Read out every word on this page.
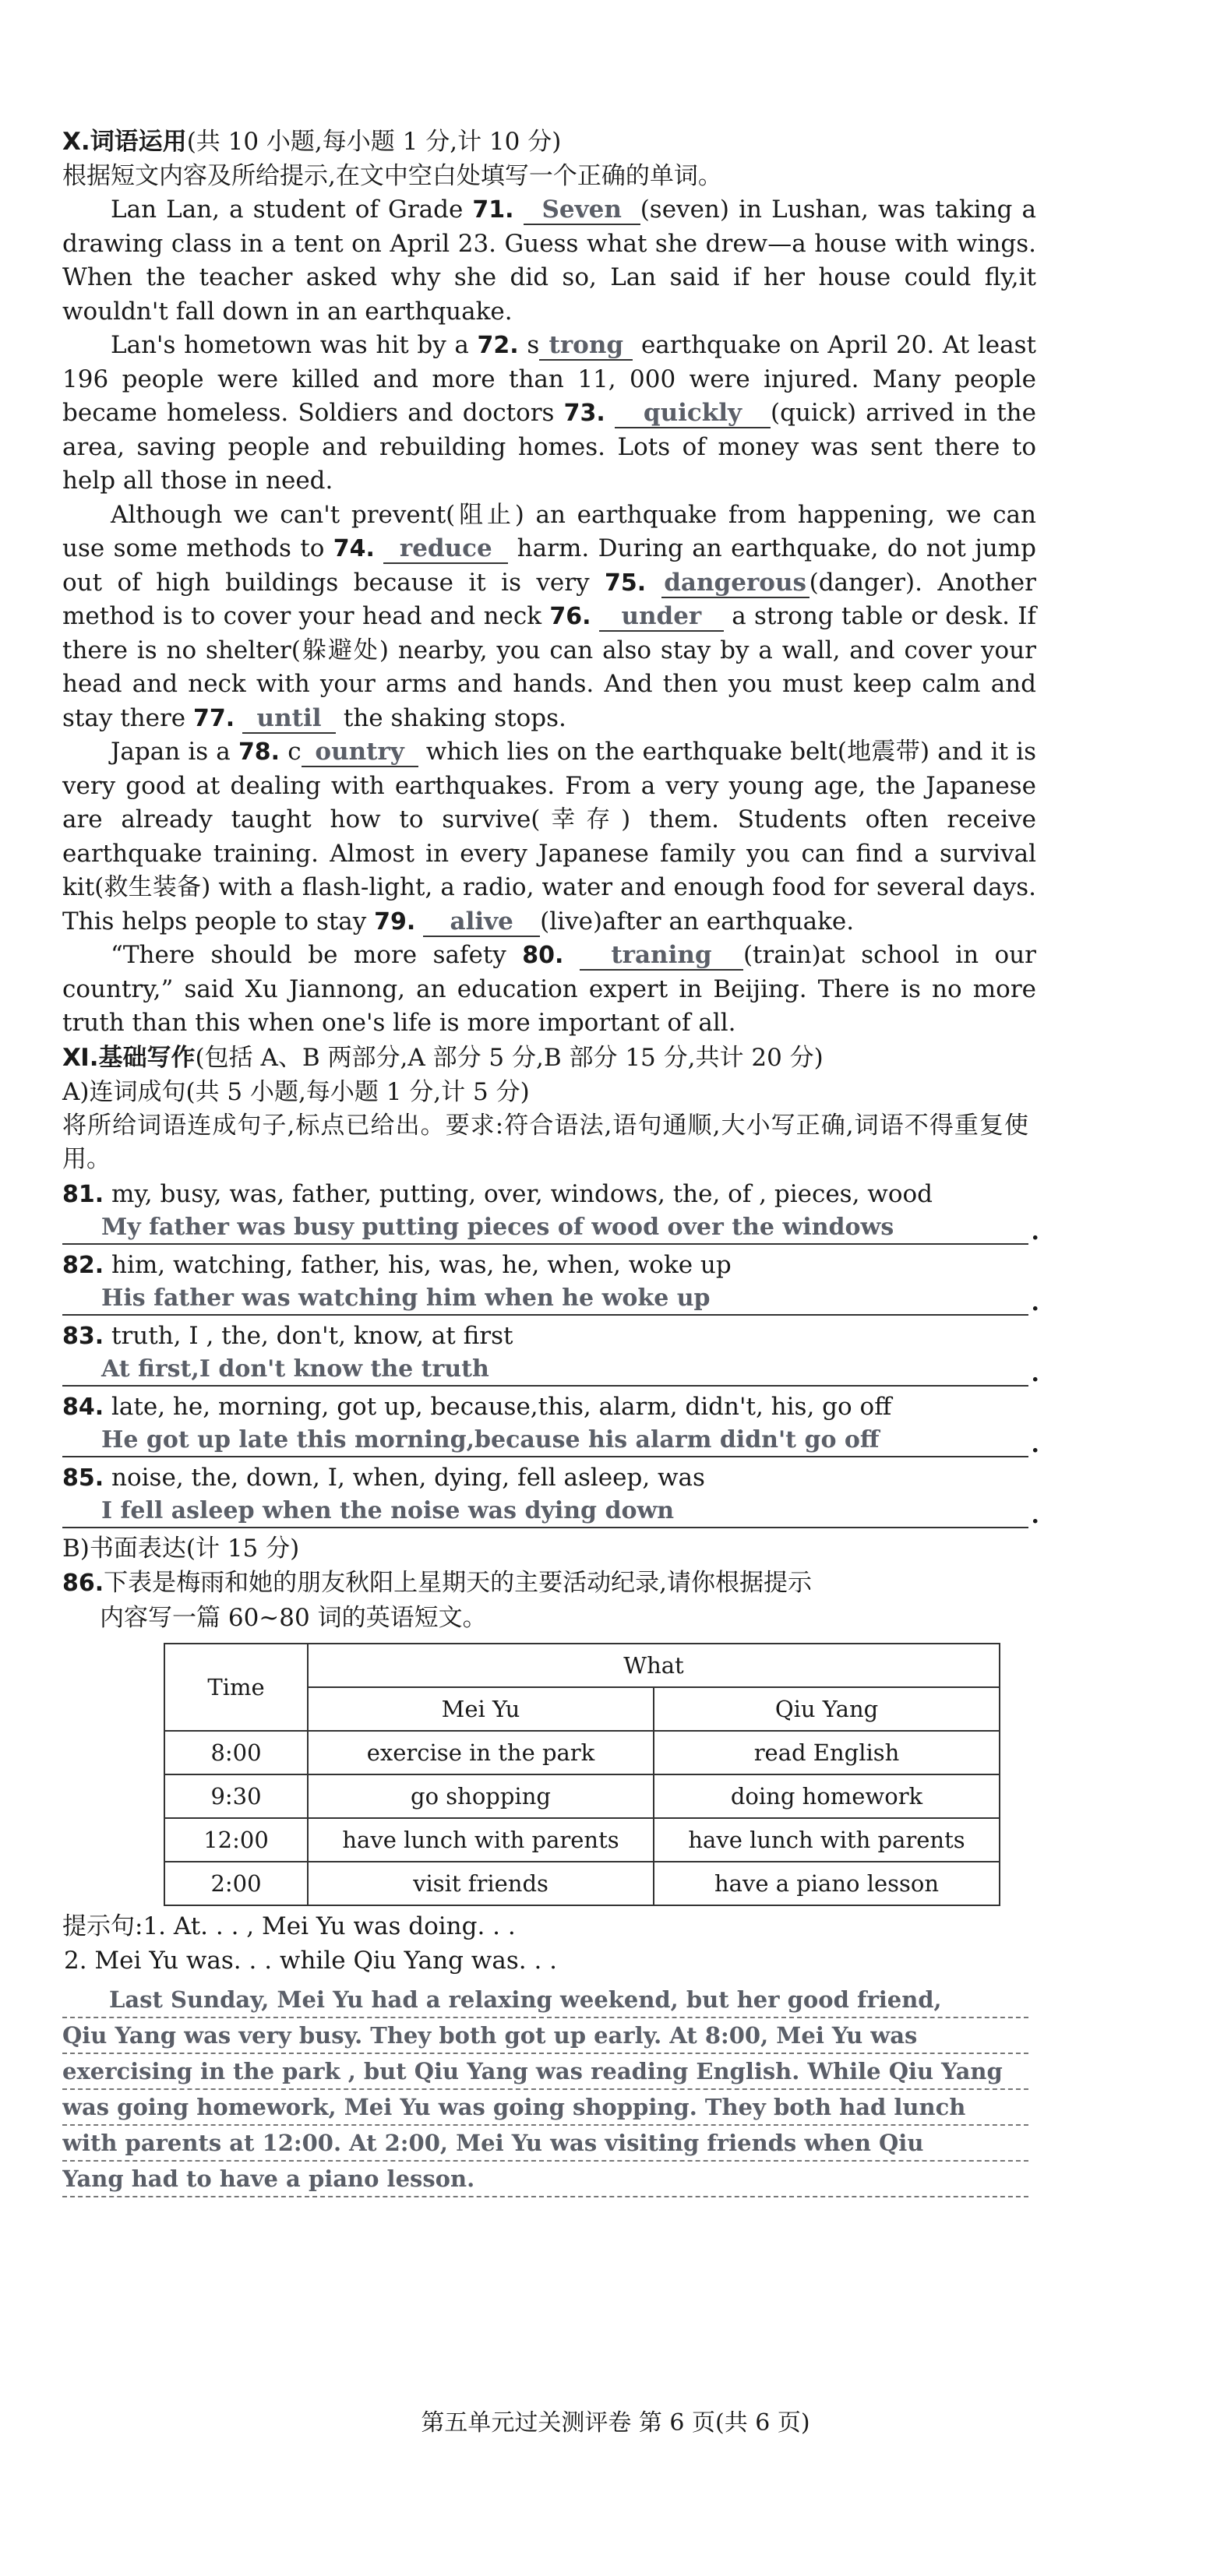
Ⅹ.词语运用(共 10 小题,每小题 1 分,计 10 分)

根据短文内容及所给提示,在文中空白处填写一个正确的单词。

Lan Lan, a student of Grade 71. Seven (seven) in Lushan, was taking a drawing class in a tent on April 23. Guess what she drew—a house with wings. When the teacher asked why she did so, Lan said if her house could fly,it wouldn't fall down in an earthquake.

Lan's hometown was hit by a 72. s trong earthquake on April 20. At least 196 people were killed and more than 11, 000 were injured. Many people became homeless. Soldiers and doctors 73. quickly (quick) arrived in the area, saving people and rebuilding homes. Lots of money was sent there to help all those in need.

Although we can't prevent(阻止) an earthquake from happening, we can use some methods to 74. reduce harm. During an earthquake, do not jump out of high buildings because it is very 75. dangerous (danger). Another method is to cover your head and neck 76. under a strong table or desk. If there is no shelter(躲避处) nearby, you can also stay by a wall, and cover your head and neck with your arms and hands. And then you must keep calm and stay there 77. until the shaking stops.

Japan is a 78. c ountry which lies on the earthquake belt(地震带) and it is very good at dealing with earthquakes. From a very young age, the Japanese are already taught how to survive(幸存) them. Students often receive earthquake training. Almost in every Japanese family you can find a survival kit(救生装备) with a flash-light, a radio, water and enough food for several days. This helps people to stay 79. alive (live)after an earthquake.

“There should be more safety 80. traning (train)at school in our country,” said Xu Jiannong, an education expert in Beijing. There is no more truth than this when one's life is more important of all.

Ⅺ.基础写作(包括 A、B 两部分,A 部分 5 分,B 部分 15 分,共计 20 分)

A)连词成句(共 5 小题,每小题 1 分,计 5 分)

将所给词语连成句子,标点已给出。要求:符合语法,语句通顺,大小写正确,词语不得重复使用。

81. my, busy, was, father, putting, over, windows, the, of , pieces, wood

My father was busy putting pieces of wood over the windows	.

82. him, watching, father, his, was, he, when, woke up

His father was watching him when he woke up	.

83. truth, I , the, don't, know, at first

At first,I don't know the truth	.

84. late, he, morning, got up, because,this, alarm, didn't, his, go off

He got up late this morning,because his alarm didn't go off	.

85. noise, the, down, I, when, dying, fell asleep, was

I fell asleep when the noise was dying down	.

B)书面表达(计 15 分)

86.下表是梅雨和她的朋友秋阳上星期天的主要活动纪录,请你根据提示

内容写一篇 60~80 词的英语短文。

Time	What	
	Mei Yu	Qiu Yang
8:00	exercise in the park	read English
9:30	go shopping	doing homework
12:00	have lunch with parents	have lunch with parents
2:00	visit friends	have a piano lesson

提示句:1. At. . . , Mei Yu was doing. . .

2. Mei Yu was. . . while Qiu Yang was. . .

Last Sunday, Mei Yu had a relaxing weekend, but her good friend,
Qiu Yang was very busy. They both got up early. At 8:00, Mei Yu was
exercising in the park , but Qiu Yang was reading English. While Qiu Yang
was going homework, Mei Yu was going shopping. They both had lunch
with parents at 12:00. At 2:00, Mei Yu was visiting friends when Qiu
Yang had to have a piano lesson.
第五单元过关测评卷 第 6 页(共 6 页)
